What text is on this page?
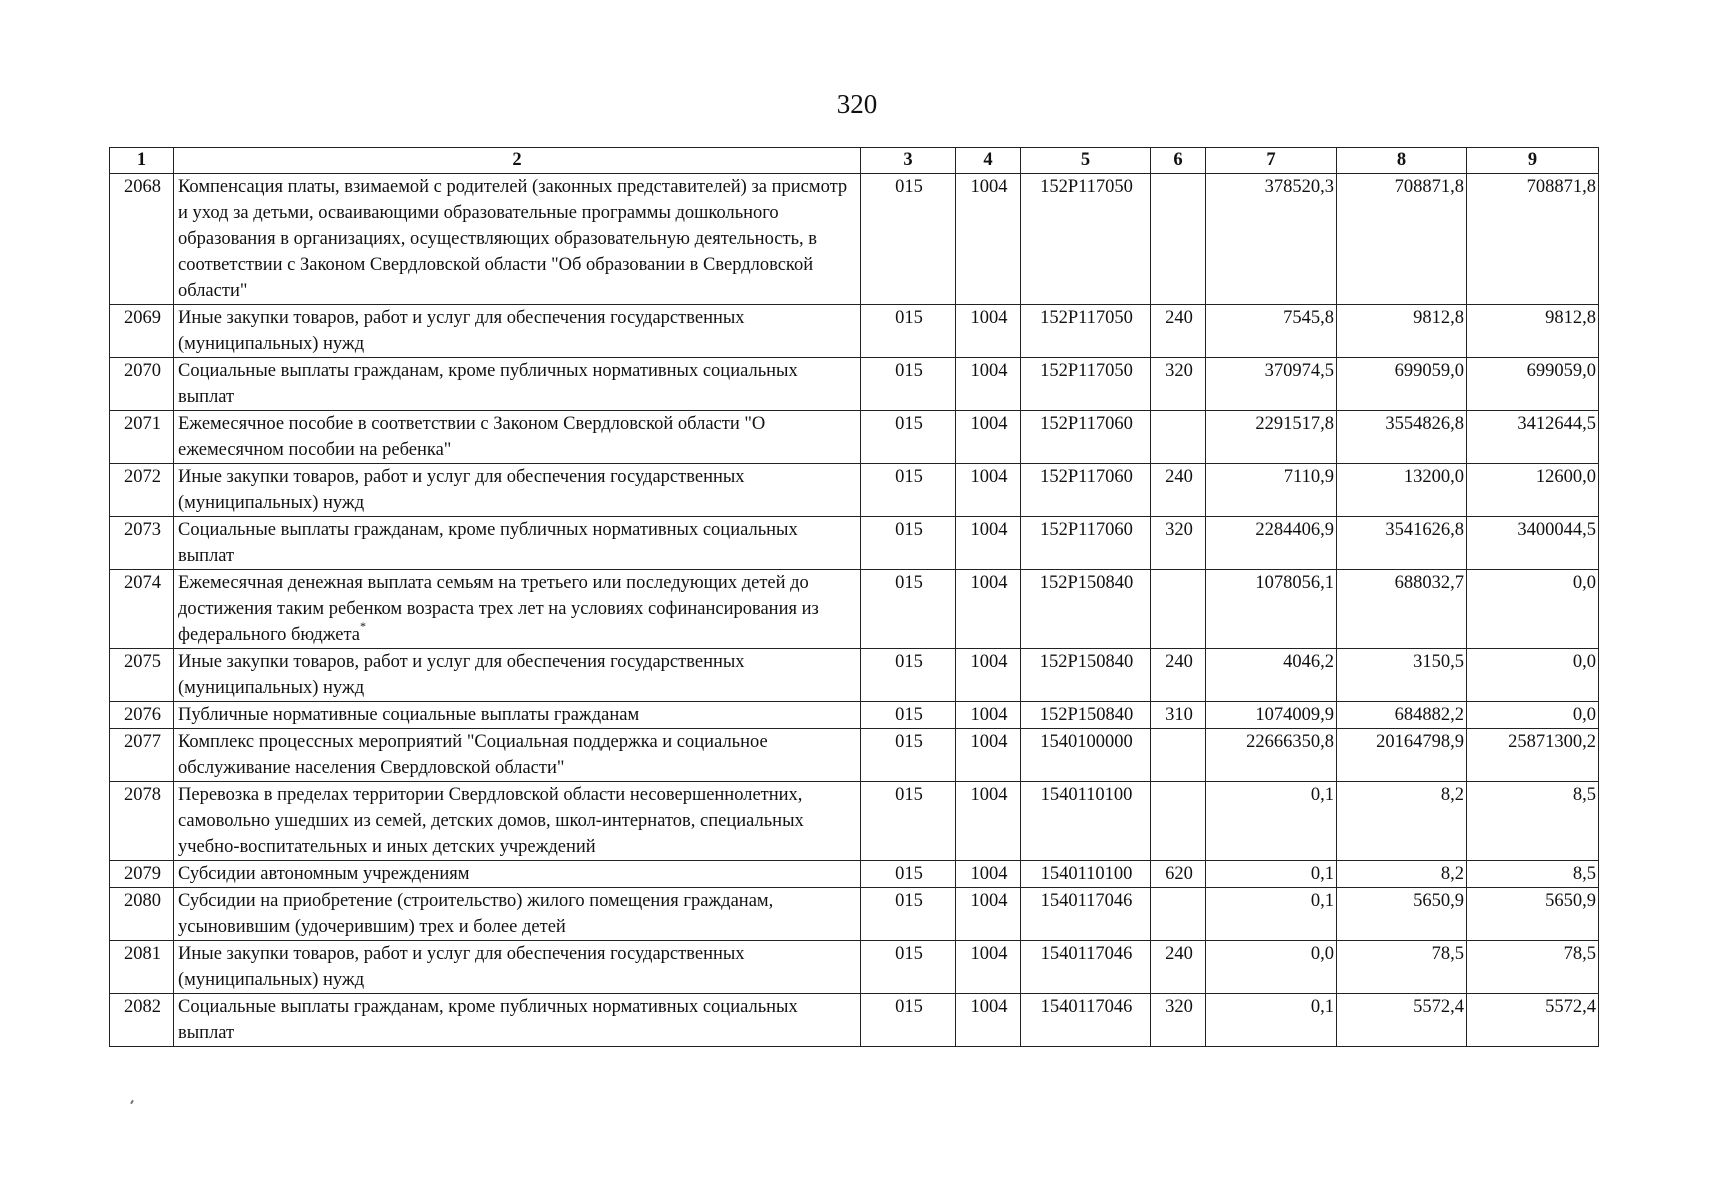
320
1	2	3	4	5	6	7	8	9
2068	Компенсация платы, взимаемой с родителей (законных представителей) за присмотр и уход за детьми, осваивающими образовательные программы дошкольного образования в организациях, осуществляющих образовательную деятельность, в соответствии с Законом Свердловской области "Об образовании в Свердловской области"	015	1004	152P117050		378520,3	708871,8	708871,8
2069	Иные закупки товаров, работ и услуг для обеспечения государственных (муниципальных) нужд	015	1004	152P117050	240	7545,8	9812,8	9812,8
2070	Социальные выплаты гражданам, кроме публичных нормативных социальных выплат	015	1004	152P117050	320	370974,5	699059,0	699059,0
2071	Ежемесячное пособие в соответствии с Законом Свердловской области "О ежемесячном пособии на ребенка"	015	1004	152P117060		2291517,8	3554826,8	3412644,5
2072	Иные закупки товаров, работ и услуг для обеспечения государственных (муниципальных) нужд	015	1004	152P117060	240	7110,9	13200,0	12600,0
2073	Социальные выплаты гражданам, кроме публичных нормативных социальных выплат	015	1004	152P117060	320	2284406,9	3541626,8	3400044,5
2074	Ежемесячная денежная выплата семьям на третьего или последующих детей до достижения таким ребенком возраста трех лет на условиях софинансирования из федерального бюджета*	015	1004	152P150840		1078056,1	688032,7	0,0
2075	Иные закупки товаров, работ и услуг для обеспечения государственных (муниципальных) нужд	015	1004	152P150840	240	4046,2	3150,5	0,0
2076	Публичные нормативные социальные выплаты гражданам	015	1004	152P150840	310	1074009,9	684882,2	0,0
2077	Комплекс процессных мероприятий "Социальная поддержка и социальное обслуживание населения Свердловской области"	015	1004	1540100000		22666350,8	20164798,9	25871300,2
2078	Перевозка в пределах территории Свердловской области несовершеннолетних, самовольно ушедших из семей, детских домов, школ-интернатов, специальных учебно-воспитательных и иных детских учреждений	015	1004	1540110100		0,1	8,2	8,5
2079	Субсидии автономным учреждениям	015	1004	1540110100	620	0,1	8,2	8,5
2080	Субсидии на приобретение (строительство) жилого помещения гражданам, усыновившим (удочерившим) трех и более детей	015	1004	1540117046		0,1	5650,9	5650,9
2081	Иные закупки товаров, работ и услуг для обеспечения государственных (муниципальных) нужд	015	1004	1540117046	240	0,0	78,5	78,5
2082	Социальные выплаты гражданам, кроме публичных нормативных социальных выплат	015	1004	1540117046	320	0,1	5572,4	5572,4
